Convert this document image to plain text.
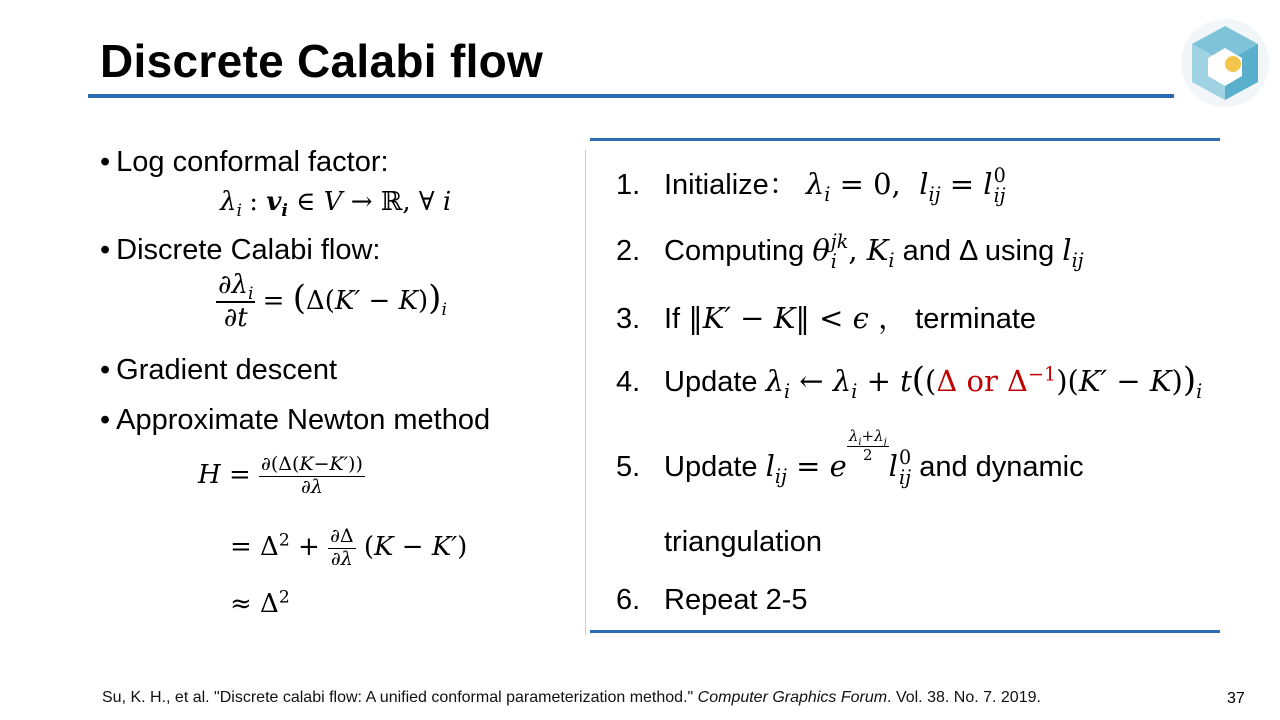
Discrete Calabi flow
• Log conformal factor:
$\lambda_i$ : $v_i$ ∈ V → ℝ, ∀ i
• Discrete Calabi flow:
$\frac{\partial\lambda_i}{\partial t} = (\Delta(K' - K))_i$
• Gradient descent
• Approximate Newton method
$H = \frac{\partial(\Delta(K-K'))}{\partial\lambda}$
= $\Delta^2 + \frac{\partial\Delta}{\partial\lambda} (K - K')$
≈ $\Delta^2$
1. Initialize： $\lambda_i = 0$,  $l_{ij} = l$ 0
ij
2. Computing θ jk
i , $K_i$ and Δ using $l_{ij}$
3. If ‖K′ − K‖ < ϵ ， terminate
4. Update $\lambda_i$ ← $\lambda_i + t((\Delta$ or $\Delta^{-1})(K' - K))_i$
5. Update $l_{ij} = e$
$\frac{\lambda_i+\lambda_j}{2}$
l 0
ij and dynamic
triangulation
6. Repeat 2-5
Su, K. H., et al. "Discrete calabi flow: A unified conformal parameterization method." Computer Graphics Forum. Vol. 38. No. 7. 2019.	37
